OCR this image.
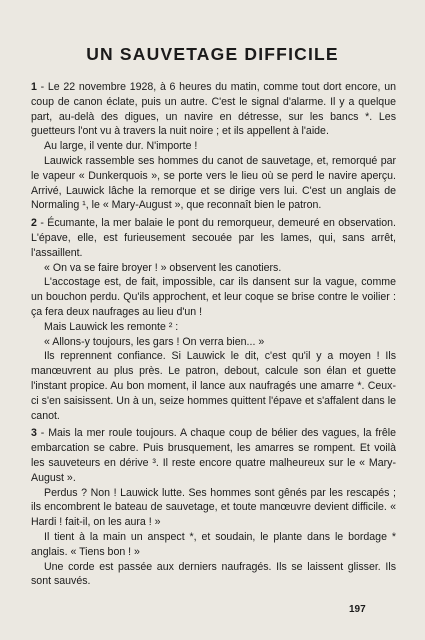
UN SAUVETAGE DIFFICILE

1 - Le 22 novembre 1928, à 6 heures du matin, comme tout dort encore, un coup de canon éclate, puis un autre. C'est le signal d'alarme. Il y a quelque part, au-delà des digues, un navire en détresse, sur les bancs *. Les guetteurs l'ont vu à travers la nuit noire ; et ils appellent à l'aide.

Au large, il vente dur. N'importe !

Lauwick rassemble ses hommes du canot de sauvetage, et, remorqué par le vapeur « Dunkerquois », se porte vers le lieu où se perd le navire aperçu. Arrivé, Lauwick lâche la remorque et se dirige vers lui. C'est un anglais de Normaling ¹, le « Mary-August », que reconnaît bien le patron.

2 - Écumante, la mer balaie le pont du remorqueur, demeuré en observation. L'épave, elle, est furieusement secouée par les lames, qui, sans arrêt, l'assaillent.

« On va se faire broyer ! » observent les canotiers.

L'accostage est, de fait, impossible, car ils dansent sur la vague, comme un bouchon perdu. Qu'ils approchent, et leur coque se brise contre le voilier : ça fera deux naufrages au lieu d'un !

Mais Lauwick les remonte ² :

« Allons-y toujours, les gars ! On verra bien... »

Ils reprennent confiance. Si Lauwick le dit, c'est qu'il y a moyen ! Ils manœuvrent au plus près. Le patron, debout, calcule son élan et guette l'instant propice. Au bon moment, il lance aux naufragés une amarre *. Ceux-ci s'en saisissent. Un à un, seize hommes quittent l'épave et s'affalent dans le canot.

3 - Mais la mer roule toujours. A chaque coup de bélier des vagues, la frêle embarcation se cabre. Puis brusquement, les amarres se rompent. Et voilà les sauveteurs en dérive ³. Il reste encore quatre malheureux sur le « Mary-August ».

Perdus ? Non ! Lauwick lutte. Ses hommes sont gênés par les rescapés ; ils encombrent le bateau de sauvetage, et toute manœuvre devient difficile. « Hardi ! fait-il, on les aura ! »

Il tient à la main un anspect *, et soudain, le plante dans le bordage * anglais. « Tiens bon ! »

Une corde est passée aux derniers naufragés. Ils se laissent glisser. Ils sont sauvés.

197
